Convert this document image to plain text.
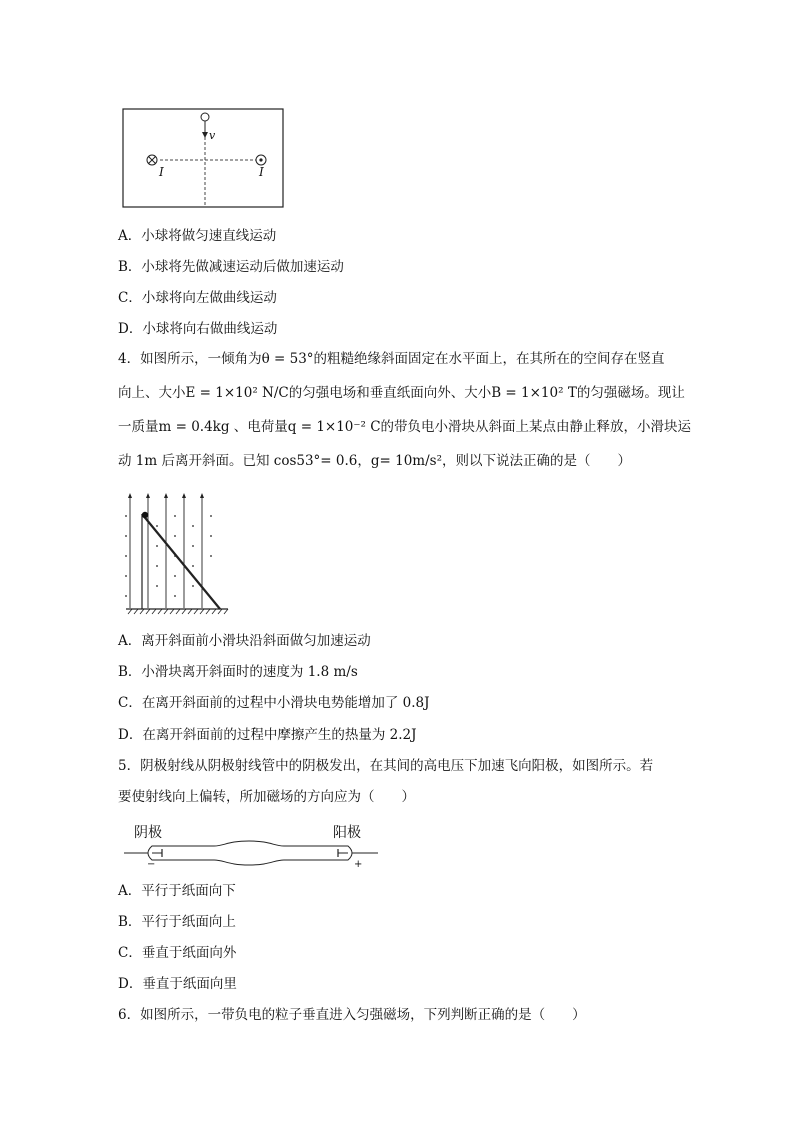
v
I	I
A．小球将做匀速直线运动
B．小球将先做减速运动后做加速运动
C．小球将向左做曲线运动
D．小球将向右做曲线运动
4．如图所示，一倾角为θ = 53°的粗糙绝缘斜面固定在水平面上，在其所在的空间存在竖直
向上、大小E = 1×10² N/C的匀强电场和垂直纸面向外、大小B = 1×10² T的匀强磁场。现让
一质量m = 0.4kg 、电荷量q = 1×10⁻² C的带负电小滑块从斜面上某点由静止释放，小滑块运
动 1m 后离开斜面。已知 cos53°= 0.6，g= 10m/s²，则以下说法正确的是（　　）
A．离开斜面前小滑块沿斜面做匀加速运动
B．小滑块离开斜面时的速度为 1.8 m/s
C．在离开斜面前的过程中小滑块电势能增加了 0.8J
D．在离开斜面前的过程中摩擦产生的热量为 2.2J
5．阴极射线从阴极射线管中的阴极发出，在其间的高电压下加速飞向阳极，如图所示。若
要使射线向上偏转，所加磁场的方向应为（　　）
阴极	阳极
−	+
A．平行于纸面向下
B．平行于纸面向上
C．垂直于纸面向外
D．垂直于纸面向里
6．如图所示，一带负电的粒子垂直进入匀强磁场，下列判断正确的是（　　）
